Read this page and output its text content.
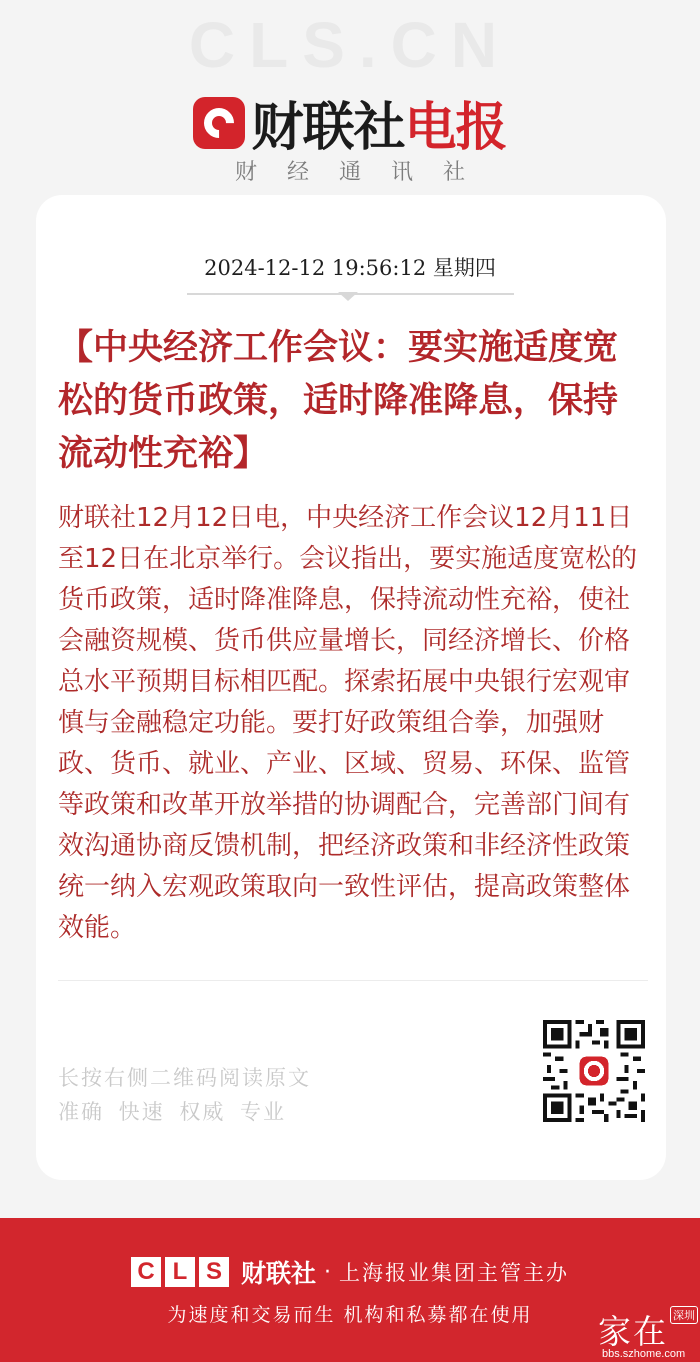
CLS.CN
财联社电报
财经通讯社
2024-12-12 19:56:12 星期四
【中央经济工作会议：要实施适度宽松的货币政策，适时降准降息，保持流动性充裕】

财联社12月12日电，中央经济工作会议12月11日至12日在北京举行。会议指出，要实施适度宽松的货币政策，适时降准降息，保持流动性充裕，使社会融资规模、货币供应量增长，同经济增长、价格总水平预期目标相匹配。探索拓展中央银行宏观审慎与金融稳定功能。要打好政策组合拳，加强财政、货币、就业、产业、区域、贸易、环保、监管等政策和改革开放举措的协调配合，完善部门间有效沟通协商反馈机制，把经济政策和非经济性政策统一纳入宏观政策取向一致性评估，提高政策整体效能。

长按右侧二维码阅读原文
准确 快速 权威 专业
C L S 财联社 · 上海报业集团主管主办
为速度和交易而生 机构和私募都在使用	家在 深圳
bbs.szhome.com
